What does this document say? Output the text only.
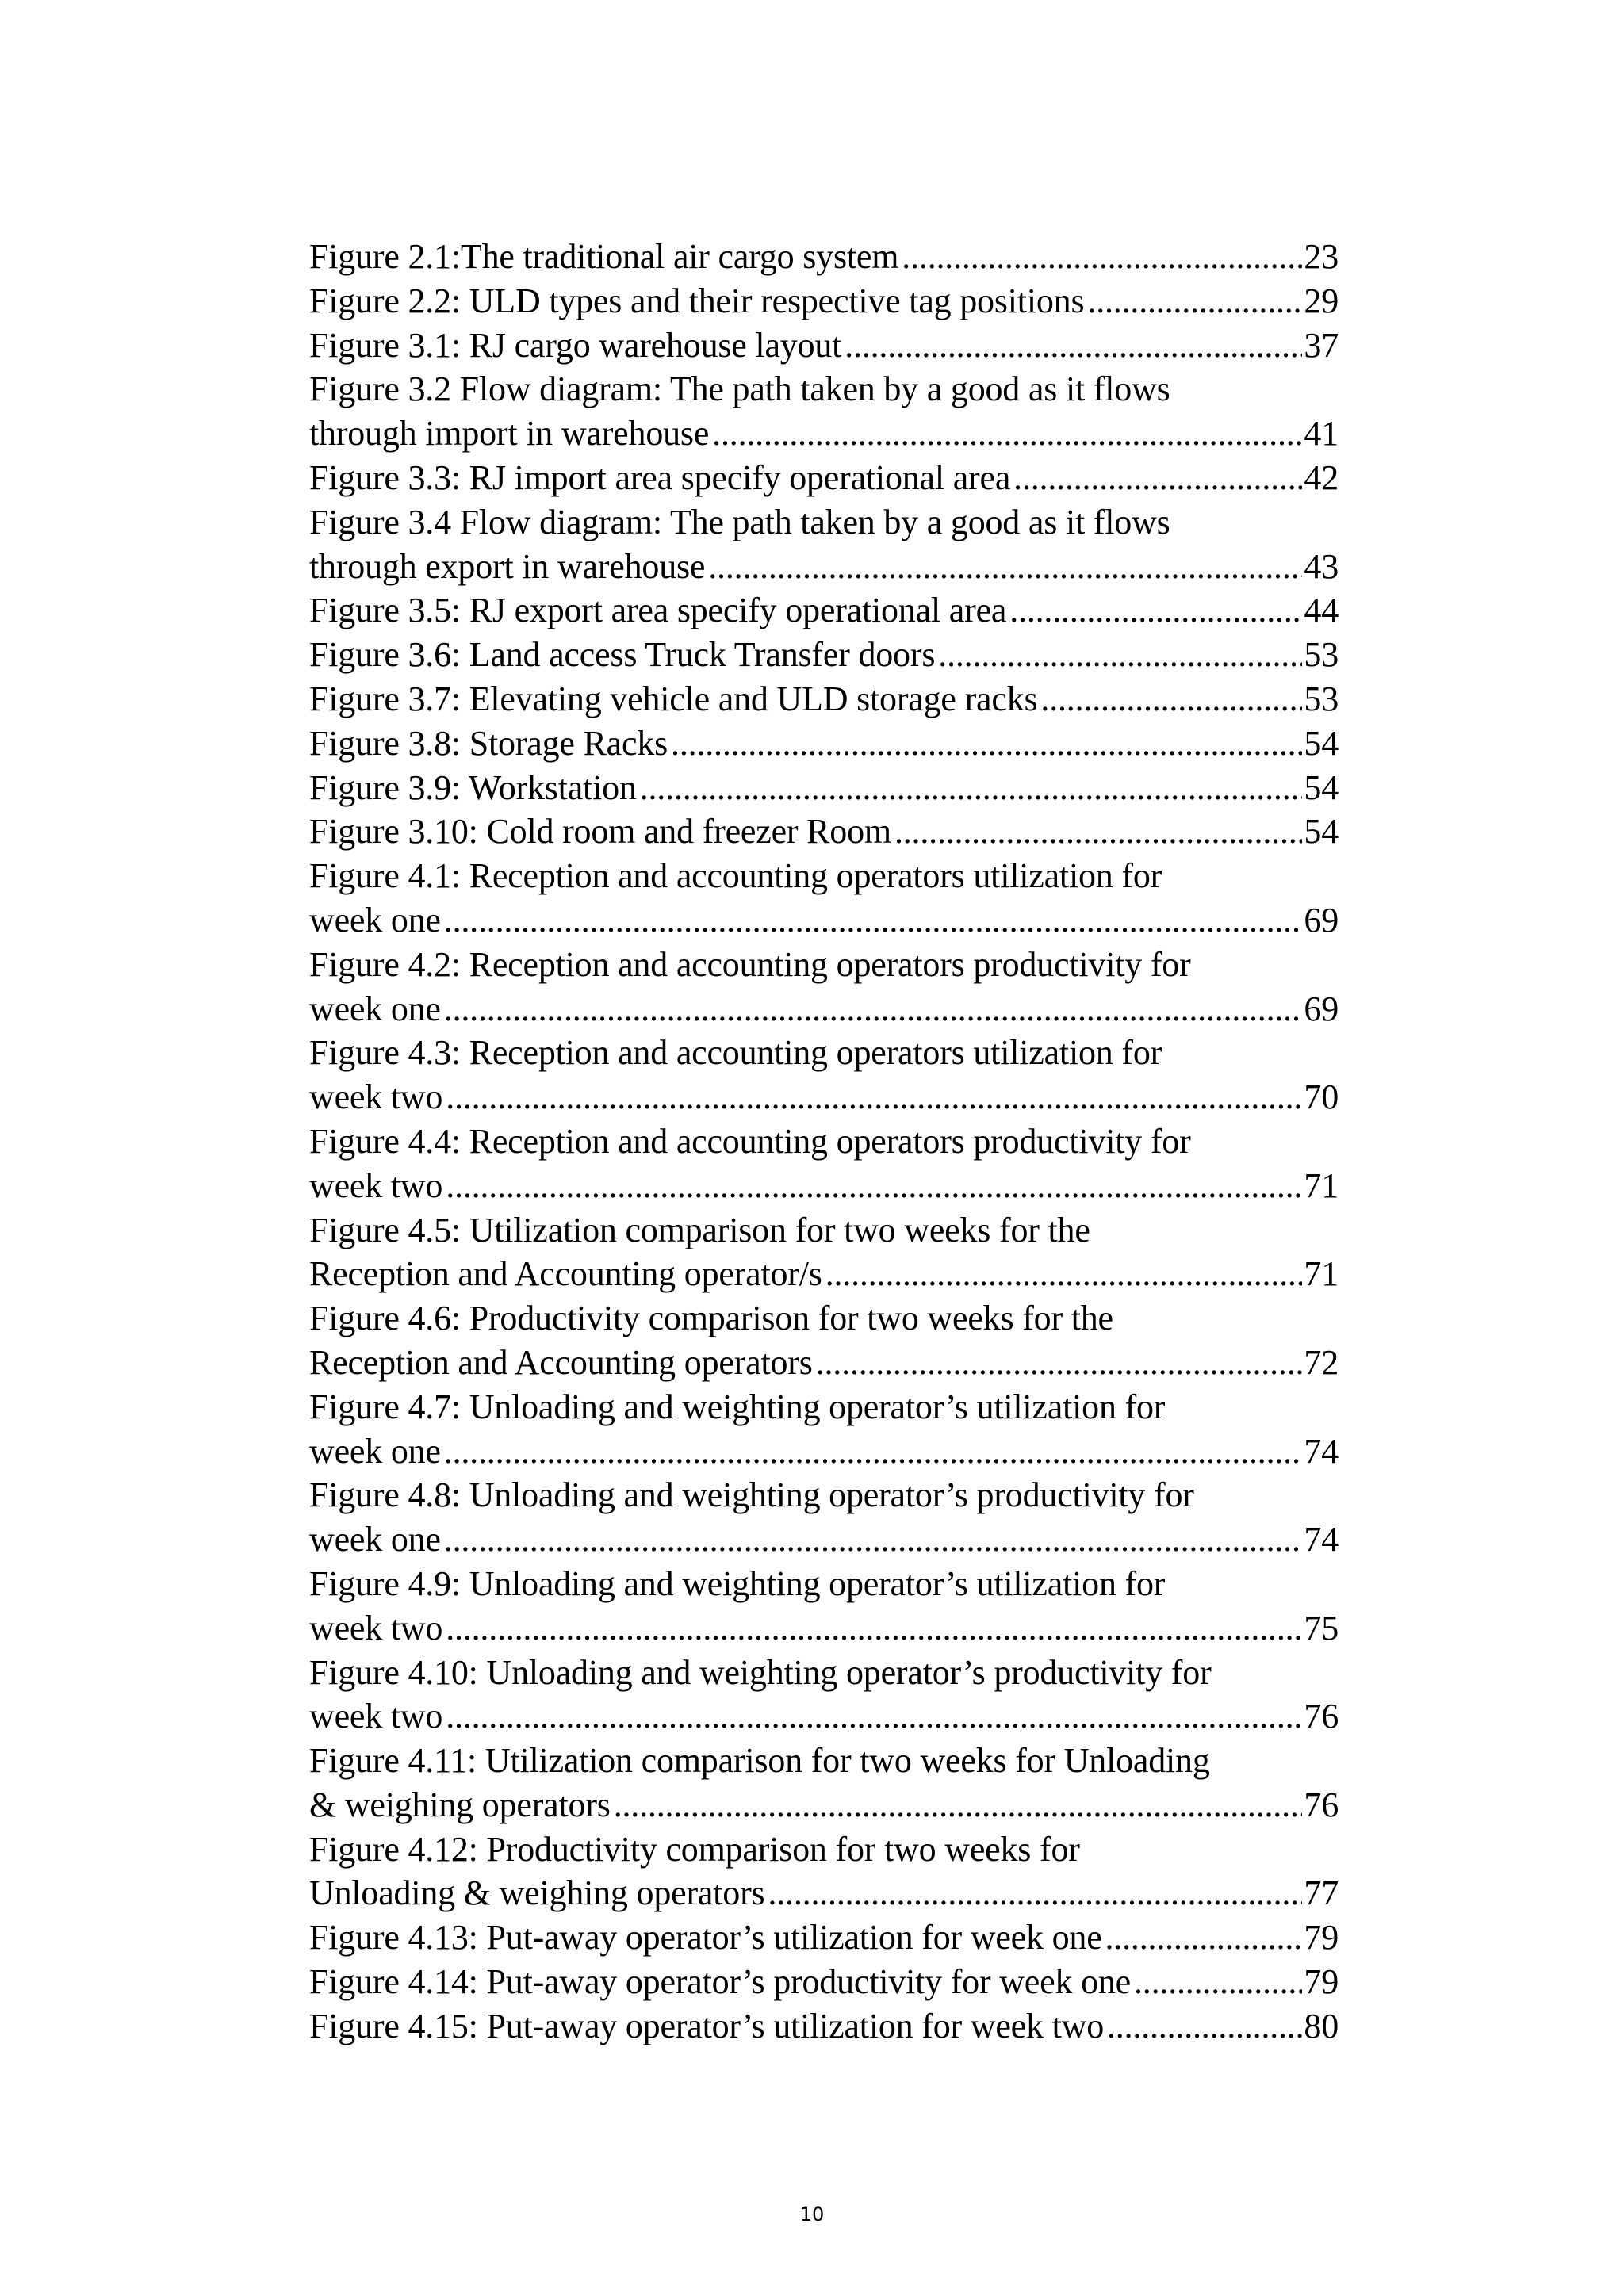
Figure 2.1:The traditional air cargo system .....	23
Figure 2.2: ULD types and their respective tag positions .....	29
Figure 3.1: RJ cargo warehouse layout .....	37
Figure 3.2 Flow diagram: The path taken by a good as it flows
through import in warehouse .....	41
Figure 3.3: RJ import area specify operational area .....	42
Figure 3.4 Flow diagram: The path taken by a good as it flows
through export in warehouse .....	43
Figure 3.5: RJ export area specify operational area .....	44
Figure 3.6: Land access Truck Transfer doors .....	53
Figure 3.7: Elevating vehicle and ULD storage racks .....	53
Figure 3.8: Storage Racks .....	54
Figure 3.9: Workstation .....	54
Figure 3.10: Cold room and freezer Room .....	54
Figure 4.1: Reception and accounting operators utilization for
week one .....	69
Figure 4.2: Reception and accounting operators productivity for
week one .....	69
Figure 4.3: Reception and accounting operators utilization for
week two .....	70
Figure 4.4: Reception and accounting operators productivity for
week two .....	71
Figure 4.5: Utilization comparison for two weeks for the
Reception and Accounting operator/s .....	71
Figure 4.6: Productivity comparison for two weeks for the
Reception and Accounting operators .....	72
Figure 4.7: Unloading and weighting operator’s utilization for
week one .....	74
Figure 4.8: Unloading and weighting operator’s productivity for
week one .....	74
Figure 4.9: Unloading and weighting operator’s utilization for
week two .....	75
Figure 4.10: Unloading and weighting operator’s productivity for
week two .....	76
Figure 4.11: Utilization comparison for two weeks for Unloading
& weighing operators .....	76
Figure 4.12: Productivity comparison for two weeks for
Unloading & weighing operators .....	77
Figure 4.13: Put-away operator’s utilization for week one .....	79
Figure 4.14: Put-away operator’s productivity for week one .....	79
Figure 4.15: Put-away operator’s utilization for week two .....	80
10
